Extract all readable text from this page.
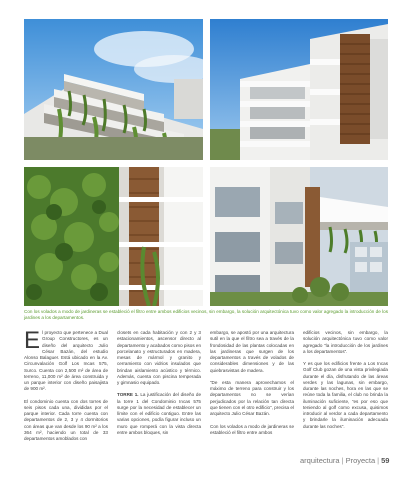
Con los volados a modo de jardineras se estableció el filtro entre ambos edificios vecinos, sin embargo, la solución arquitectónica tuvo como valor agregado la introducción de los jardines a los departamentos.

El proyecto que pertenece a Dual Group Constructores, es un diseño del arquitecto Julio César Bazán, del estudio Alonso Balaguer. Está ubicado en la Av. Circunvalación Golf Los Incas 575, Surco. Cuenta con 2,500 m² de área de terreno, 11,000 m² de área construida y un parque interior con diseño paisajista de 900 m².

El condominio cuenta con dos torres de seis pisos cada una, divididas por el parque interior. Cada torre cuenta con departamentos de 2, 3 y 4 dormitorios con áreas que van desde los 90 m² a los 364 m², haciendo un total de 33 departamentos amoblados con

closets en cada habitación y con 2 y 3 estacionamientos, ascensor directo al departamento y acabados como pisos en porcelanato y estructurados en madera, mesas de mármol y granito y cerramiento con vidrios insulados que brindan aislamiento acústico y térmico. Además, cuenta con piscina temperada y gimnasio equipado.

TORRE 1. La justificación del diseño de la torre 1 del Condominio Incas 575 surge por la necesidad de establecer un límite con el edificio contiguo. Entre las varias opciones, podía figurar incluso un muro que romperá con la vista directa entre ambos bloques, sin

embargo, se apostó por una arquitectura sutil en la que el filtro sea a través de la frondosidad de las plantas colocadas en las jardineras que surgen de los departamentos a través de volados de considerables dimensiones y de las quiebrasvistas de madera.

“De esta manera aprovechamos el máximo de terreno para construir y los departamentos no se verían perjudicados por la relación tan directa que tienen con el otro edificio”, precisa el arquitecto Julio César Bazán.

Con los volados a modo de jardineras se estableció el filtro entre ambos

edificios vecinos, sin embargo, la solución arquitectónica tuvo como valor agregado “la introducción de los jardines a los departamentos”.

Y es que los edificios frente a Los Incas Golf Club gozan de una vista privilegiada durante el día, disfrutando de las áreas verdes y las lagunas, sin embargo, durante las noches, hora en las que se reúne toda la familia, el club no brinda la iluminación suficiente, “es por eso que teniendo al golf como excusa, quisimos introducir al verdor a cada departamento y brindarle la iluminación adecuada durante las noches”.

arquitectura | Proyecta | 59
